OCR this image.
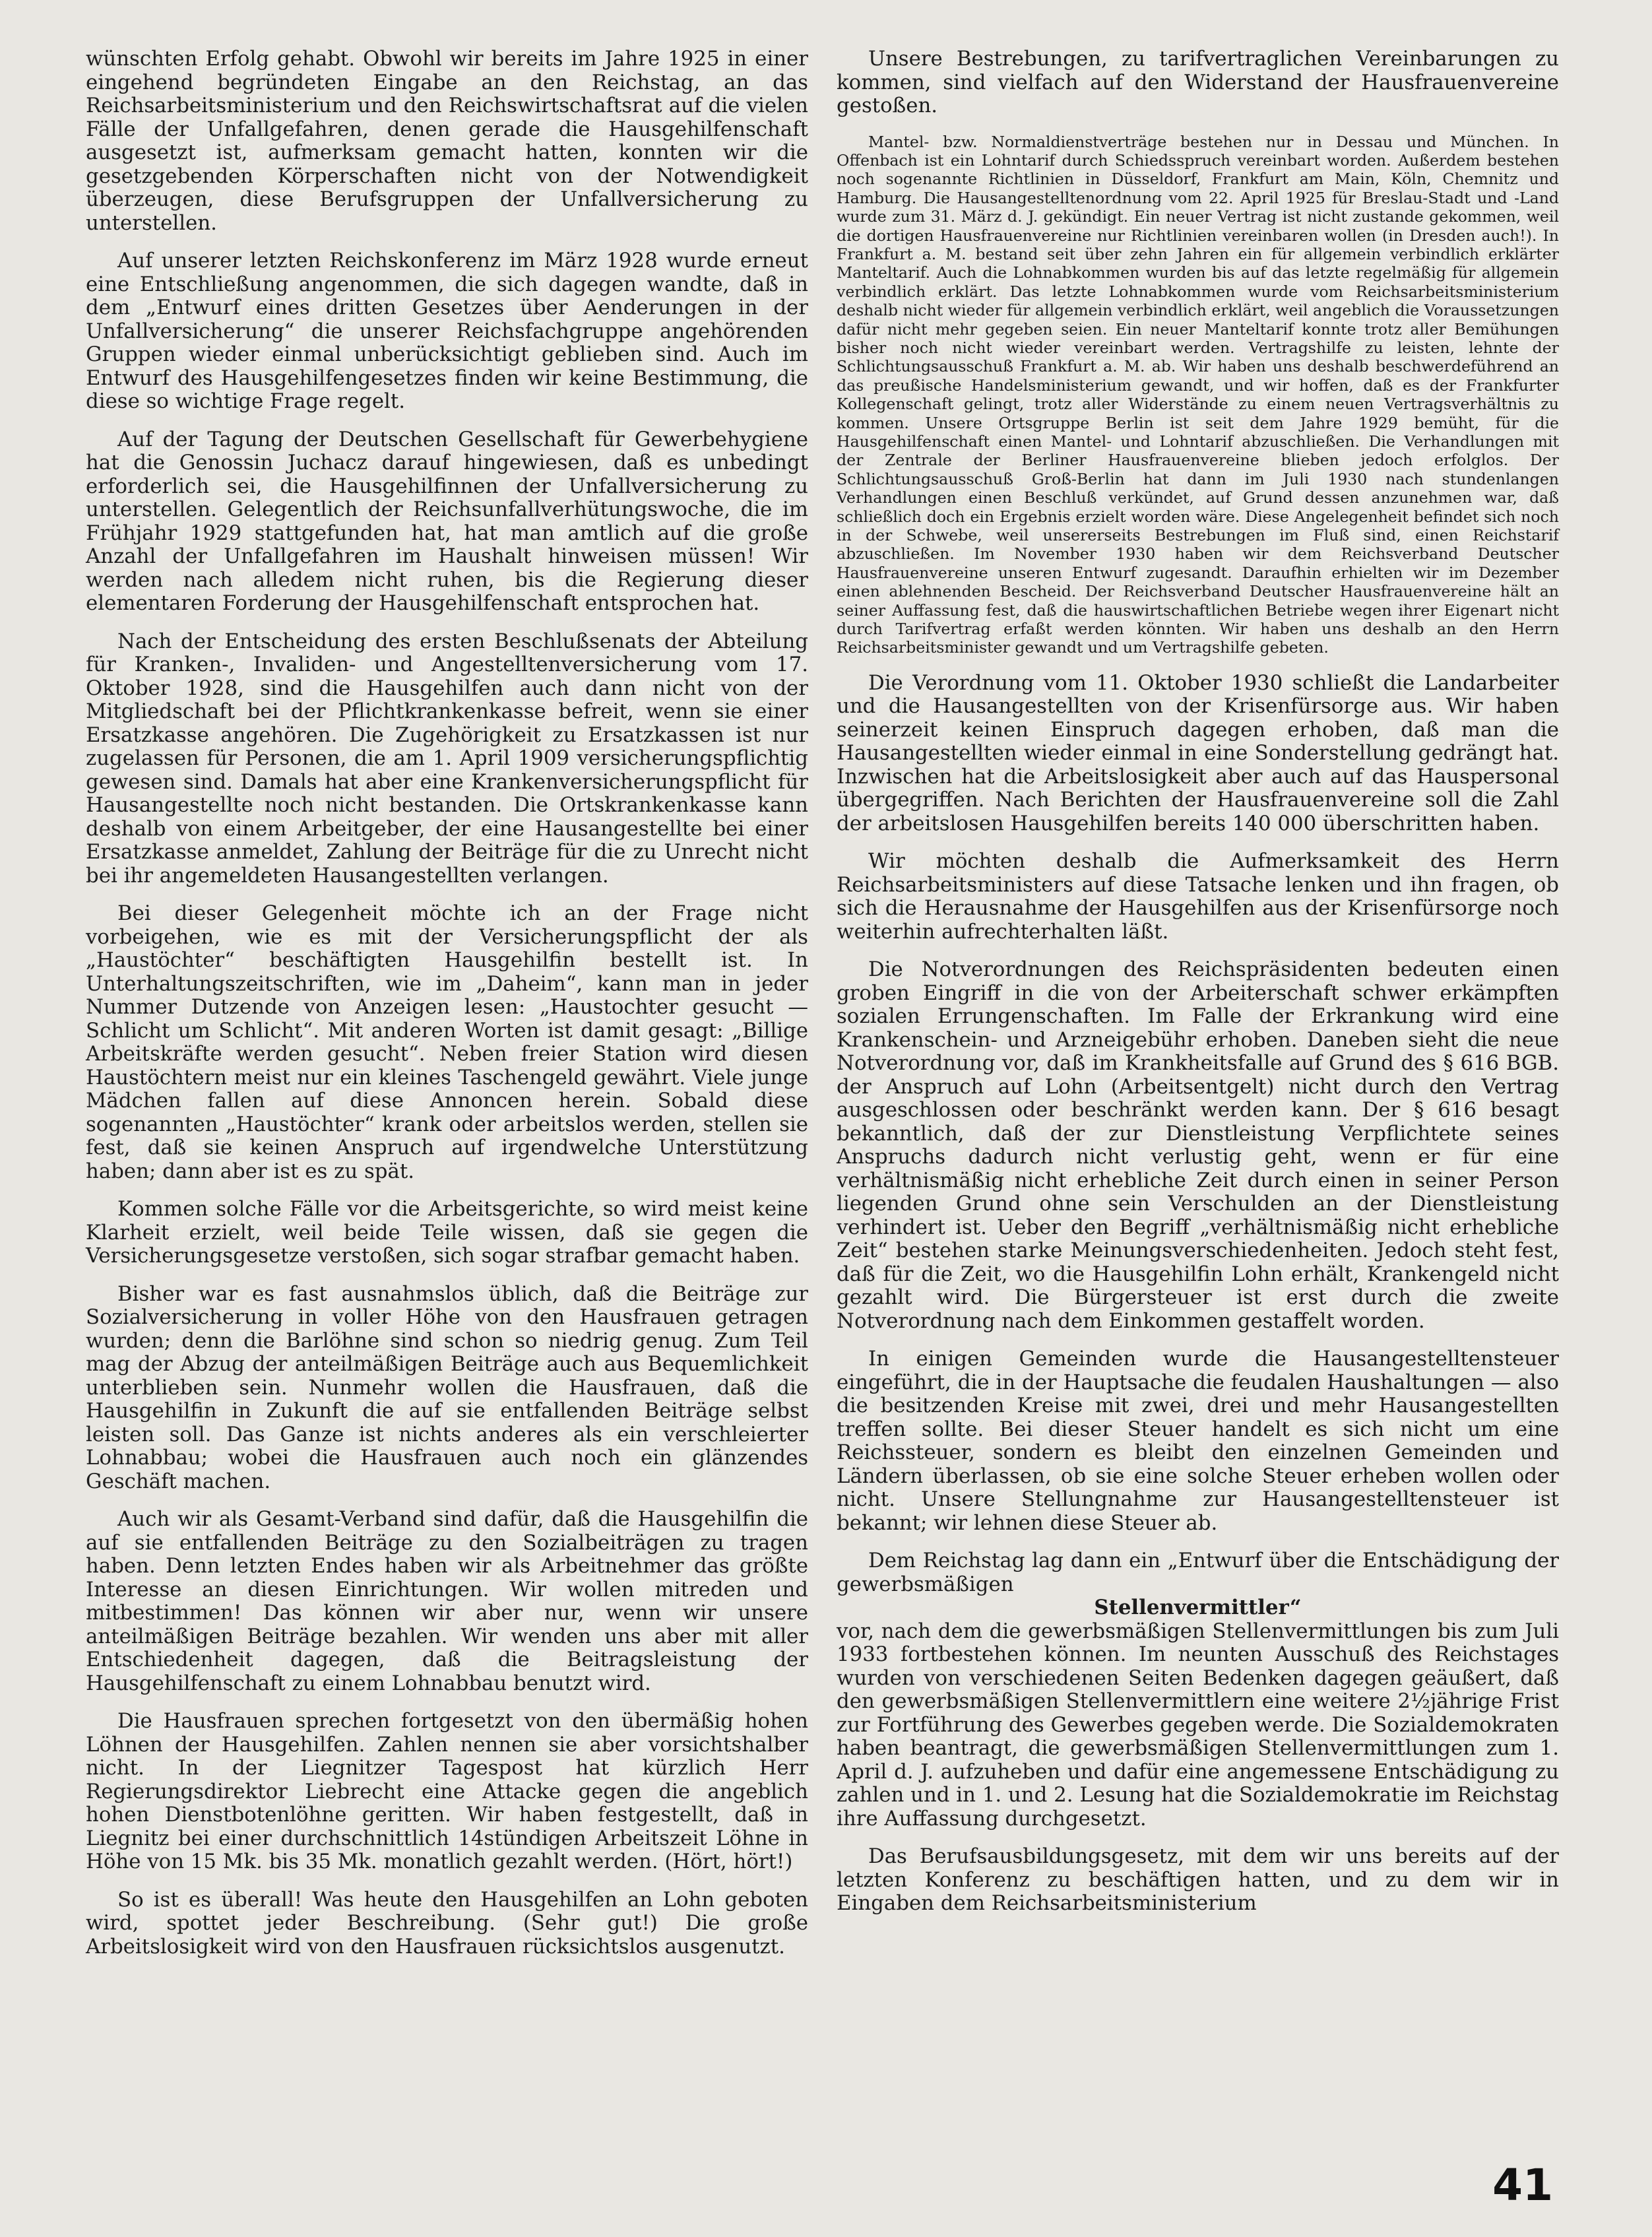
wünschten Erfolg gehabt. Obwohl wir bereits im Jahre 1925 in einer eingehend begründeten Eingabe an den Reichstag, an das Reichsarbeitsministerium und den Reichswirtschaftsrat auf die vielen Fälle der Unfallgefahren, denen gerade die Hausgehilfenschaft ausgesetzt ist, aufmerksam gemacht hatten, konnten wir die gesetzgebenden Körperschaften nicht von der Notwendigkeit überzeugen, diese Berufsgruppen der Unfallversicherung zu unterstellen.

Auf unserer letzten Reichskonferenz im März 1928 wurde erneut eine Entschließung angenommen, die sich dagegen wandte, daß in dem „Entwurf eines dritten Gesetzes über Aenderungen in der Unfallversicherung“ die unserer Reichsfachgruppe angehörenden Gruppen wieder einmal unberücksichtigt geblieben sind. Auch im Entwurf des Hausgehilfengesetzes finden wir keine Bestimmung, die diese so wichtige Frage regelt.

Auf der Tagung der Deutschen Gesellschaft für Gewerbehygiene hat die Genossin Juchacz darauf hingewiesen, daß es unbedingt erforderlich sei, die Hausgehilfinnen der Unfallversicherung zu unterstellen. Gelegentlich der Reichsunfallverhütungswoche, die im Frühjahr 1929 stattgefunden hat, hat man amtlich auf die große Anzahl der Unfallgefahren im Haushalt hinweisen müssen! Wir werden nach alledem nicht ruhen, bis die Regierung dieser elementaren Forderung der Hausgehilfenschaft entsprochen hat.

Nach der Entscheidung des ersten Beschlußsenats der Abteilung für Kranken-, Invaliden- und Angestelltenversicherung vom 17. Oktober 1928, sind die Hausgehilfen auch dann nicht von der Mitgliedschaft bei der Pflichtkrankenkasse befreit, wenn sie einer Ersatzkasse angehören. Die Zugehörigkeit zu Ersatzkassen ist nur zugelassen für Personen, die am 1. April 1909 versicherungspflichtig gewesen sind. Damals hat aber eine Krankenversicherungspflicht für Hausangestellte noch nicht bestanden. Die Ortskrankenkasse kann deshalb von einem Arbeitgeber, der eine Hausangestellte bei einer Ersatzkasse anmeldet, Zahlung der Beiträge für die zu Unrecht nicht bei ihr angemeldeten Hausangestellten verlangen.

Bei dieser Gelegenheit möchte ich an der Frage nicht vorbeigehen, wie es mit der Versicherungspflicht der als „Haustöchter“ beschäftigten Hausgehilfin bestellt ist. In Unterhaltungszeitschriften, wie im „Daheim“, kann man in jeder Nummer Dutzende von Anzeigen lesen: „Haustochter gesucht — Schlicht um Schlicht“. Mit anderen Worten ist damit gesagt: „Billige Arbeitskräfte werden gesucht“. Neben freier Station wird diesen Haustöchtern meist nur ein kleines Taschengeld gewährt. Viele junge Mädchen fallen auf diese Annoncen herein. Sobald diese sogenannten „Haustöchter“ krank oder arbeitslos werden, stellen sie fest, daß sie keinen Anspruch auf irgendwelche Unterstützung haben; dann aber ist es zu spät.

Kommen solche Fälle vor die Arbeitsgerichte, so wird meist keine Klarheit erzielt, weil beide Teile wissen, daß sie gegen die Versicherungsgesetze verstoßen, sich sogar strafbar gemacht haben.

Bisher war es fast ausnahmslos üblich, daß die Beiträge zur Sozialversicherung in voller Höhe von den Hausfrauen getragen wurden; denn die Barlöhne sind schon so niedrig genug. Zum Teil mag der Abzug der anteilmäßigen Beiträge auch aus Bequemlichkeit unterblieben sein. Nunmehr wollen die Hausfrauen, daß die Hausgehilfin in Zukunft die auf sie entfallenden Beiträge selbst leisten soll. Das Ganze ist nichts anderes als ein verschleierter Lohnabbau; wobei die Hausfrauen auch noch ein glänzendes Geschäft machen.

Auch wir als Gesamt-Verband sind dafür, daß die Hausgehilfin die auf sie entfallenden Beiträge zu den Sozialbeiträgen zu tragen haben. Denn letzten Endes haben wir als Arbeitnehmer das größte Interesse an diesen Einrichtungen. Wir wollen mitreden und mitbestimmen! Das können wir aber nur, wenn wir unsere anteilmäßigen Beiträge bezahlen. Wir wenden uns aber mit aller Entschiedenheit dagegen, daß die Beitragsleistung der Hausgehilfenschaft zu einem Lohnabbau benutzt wird.

Die Hausfrauen sprechen fortgesetzt von den übermäßig hohen Löhnen der Hausgehilfen. Zahlen nennen sie aber vorsichtshalber nicht. In der Liegnitzer Tagespost hat kürzlich Herr Regierungsdirektor Liebrecht eine Attacke gegen die angeblich hohen Dienstbotenlöhne geritten. Wir haben festgestellt, daß in Liegnitz bei einer durchschnittlich 14stündigen Arbeitszeit Löhne in Höhe von 15 Mk. bis 35 Mk. monatlich gezahlt werden. (Hört, hört!)

So ist es überall! Was heute den Hausgehilfen an Lohn geboten wird, spottet jeder Beschreibung. (Sehr gut!) Die große Arbeitslosigkeit wird von den Hausfrauen rücksichtslos ausgenutzt.

Unsere Bestrebungen, zu tarifvertraglichen Vereinbarungen zu kommen, sind vielfach auf den Widerstand der Hausfrauenvereine gestoßen.

Mantel- bzw. Normaldienstverträge bestehen nur in Dessau und München. In Offenbach ist ein Lohntarif durch Schiedsspruch vereinbart worden. Außerdem bestehen noch sogenannte Richtlinien in Düsseldorf, Frankfurt am Main, Köln, Chemnitz und Hamburg. Die Hausangestelltenordnung vom 22. April 1925 für Breslau-Stadt und -Land wurde zum 31. März d. J. gekündigt. Ein neuer Vertrag ist nicht zustande gekommen, weil die dortigen Hausfrauenvereine nur Richtlinien vereinbaren wollen (in Dresden auch!). In Frankfurt a. M. bestand seit über zehn Jahren ein für allgemein verbindlich erklärter Manteltarif. Auch die Lohnabkommen wurden bis auf das letzte regelmäßig für allgemein verbindlich erklärt. Das letzte Lohnabkommen wurde vom Reichsarbeitsministerium deshalb nicht wieder für allgemein verbindlich erklärt, weil angeblich die Voraussetzungen dafür nicht mehr gegeben seien. Ein neuer Manteltarif konnte trotz aller Bemühungen bisher noch nicht wieder vereinbart werden. Vertragshilfe zu leisten, lehnte der Schlichtungsausschuß Frankfurt a. M. ab. Wir haben uns deshalb beschwerdeführend an das preußische Handelsministerium gewandt, und wir hoffen, daß es der Frankfurter Kollegenschaft gelingt, trotz aller Widerstände zu einem neuen Vertragsverhältnis zu kommen. Unsere Ortsgruppe Berlin ist seit dem Jahre 1929 bemüht, für die Hausgehilfenschaft einen Mantel- und Lohntarif abzuschließen. Die Verhandlungen mit der Zentrale der Berliner Hausfrauenvereine blieben jedoch erfolglos. Der Schlichtungsausschuß Groß-Berlin hat dann im Juli 1930 nach stundenlangen Verhandlungen einen Beschluß verkündet, auf Grund dessen anzunehmen war, daß schließlich doch ein Ergebnis erzielt worden wäre. Diese Angelegenheit befindet sich noch in der Schwebe, weil unsererseits Bestrebungen im Fluß sind, einen Reichstarif abzuschließen. Im November 1930 haben wir dem Reichsverband Deutscher Hausfrauenvereine unseren Entwurf zugesandt. Daraufhin erhielten wir im Dezember einen ablehnenden Bescheid. Der Reichsverband Deutscher Hausfrauenvereine hält an seiner Auffassung fest, daß die hauswirtschaftlichen Betriebe wegen ihrer Eigenart nicht durch Tarifvertrag erfaßt werden könnten. Wir haben uns deshalb an den Herrn Reichsarbeitsminister gewandt und um Vertragshilfe gebeten.

Die Verordnung vom 11. Oktober 1930 schließt die Landarbeiter und die Hausangestellten von der Krisenfürsorge aus. Wir haben seinerzeit keinen Einspruch dagegen erhoben, daß man die Hausangestellten wieder einmal in eine Sonderstellung gedrängt hat. Inzwischen hat die Arbeitslosigkeit aber auch auf das Hauspersonal übergegriffen. Nach Berichten der Hausfrauenvereine soll die Zahl der arbeitslosen Hausgehilfen bereits 140 000 überschritten haben.

Wir möchten deshalb die Aufmerksamkeit des Herrn Reichsarbeitsministers auf diese Tatsache lenken und ihn fragen, ob sich die Herausnahme der Hausgehilfen aus der Krisenfürsorge noch weiterhin aufrechterhalten läßt.

Die Notverordnungen des Reichspräsidenten bedeuten einen groben Eingriff in die von der Arbeiterschaft schwer erkämpften sozialen Errungenschaften. Im Falle der Erkrankung wird eine Krankenschein- und Arzneigebühr erhoben. Daneben sieht die neue Notverordnung vor, daß im Krankheitsfalle auf Grund des § 616 BGB. der Anspruch auf Lohn (Arbeitsentgelt) nicht durch den Vertrag ausgeschlossen oder beschränkt werden kann. Der § 616 besagt bekanntlich, daß der zur Dienstleistung Verpflichtete seines Anspruchs dadurch nicht verlustig geht, wenn er für eine verhältnismäßig nicht erhebliche Zeit durch einen in seiner Person liegenden Grund ohne sein Verschulden an der Dienstleistung verhindert ist. Ueber den Begriff „verhältnismäßig nicht erhebliche Zeit“ bestehen starke Meinungsverschiedenheiten. Jedoch steht fest, daß für die Zeit, wo die Hausgehilfin Lohn erhält, Krankengeld nicht gezahlt wird. Die Bürgersteuer ist erst durch die zweite Notverordnung nach dem Einkommen gestaffelt worden.

In einigen Gemeinden wurde die Hausangestelltensteuer eingeführt, die in der Hauptsache die feudalen Haushaltungen — also die besitzenden Kreise mit zwei, drei und mehr Hausangestellten treffen sollte. Bei dieser Steuer handelt es sich nicht um eine Reichssteuer, sondern es bleibt den einzelnen Gemeinden und Ländern überlassen, ob sie eine solche Steuer erheben wollen oder nicht. Unsere Stellungnahme zur Hausangestelltensteuer ist bekannt; wir lehnen diese Steuer ab.

Dem Reichstag lag dann ein „Entwurf über die Entschädigung der gewerbsmäßigen

Stellenvermittler“

vor, nach dem die gewerbsmäßigen Stellenvermittlungen bis zum Juli 1933 fortbestehen können. Im neunten Ausschuß des Reichstages wurden von verschiedenen Seiten Bedenken dagegen geäußert, daß den gewerbsmäßigen Stellenvermittlern eine weitere 2½jährige Frist zur Fortführung des Gewerbes gegeben werde. Die Sozialdemokraten haben beantragt, die gewerbsmäßigen Stellenvermittlungen zum 1. April d. J. aufzuheben und dafür eine angemessene Entschädigung zu zahlen und in 1. und 2. Lesung hat die Sozialdemokratie im Reichstag ihre Auffassung durchgesetzt.

Das Berufsausbildungsgesetz, mit dem wir uns bereits auf der letzten Konferenz zu beschäftigen hatten, und zu dem wir in Eingaben dem Reichsarbeitsministerium

41
